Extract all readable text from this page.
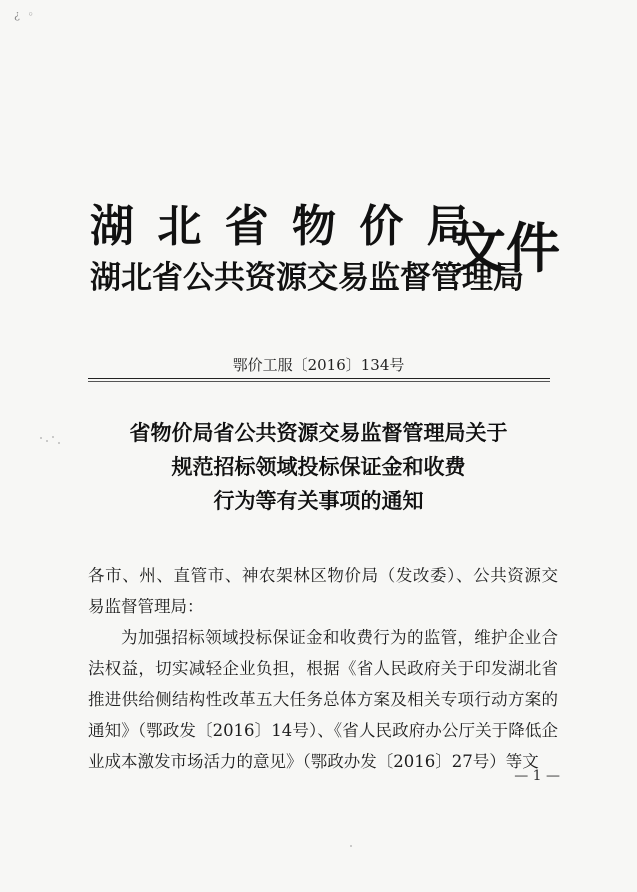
¿ ◦
湖 北 省 物 价 局
湖北省公共资源交易监督管理局
文件
鄂价工服〔2016〕134号
省物价局省公共资源交易监督管理局关于
规范招标领域投标保证金和收费
行为等有关事项的通知

各市、州、直管市、神农架林区物价局（发改委）、公共资源交易监督管理局：

为加强招标领域投标保证金和收费行为的监管，维护企业合法权益，切实减轻企业负担，根据《省人民政府关于印发湖北省推进供给侧结构性改革五大任务总体方案及相关专项行动方案的通知》（鄂政发〔2016〕14号）、《省人民政府办公厅关于降低企业成本激发市场活力的意见》（鄂政办发〔2016〕27号）等文

— 1 —
